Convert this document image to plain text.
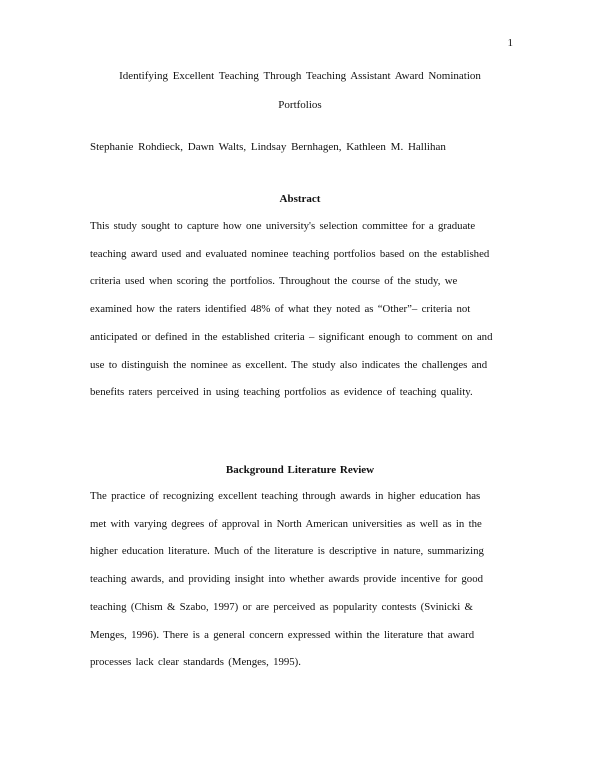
1
Identifying Excellent Teaching Through Teaching Assistant Award Nomination
Portfolios
Stephanie Rohdieck, Dawn Walts, Lindsay Bernhagen, Kathleen M. Hallihan
Abstract
This study sought to capture how one university's selection committee for a graduate
teaching award used and evaluated nominee teaching portfolios based on the established
criteria used when scoring the portfolios. Throughout the course of the study, we
examined how the raters identified 48% of what they noted as “Other”– criteria not
anticipated or defined in the established criteria – significant enough to comment on and
use to distinguish the nominee as excellent. The study also indicates the challenges and
benefits raters perceived in using teaching portfolios as evidence of teaching quality.
Background Literature Review
The practice of recognizing excellent teaching through awards in higher education has
met with varying degrees of approval in North American universities as well as in the
higher education literature. Much of the literature is descriptive in nature, summarizing
teaching awards, and providing insight into whether awards provide incentive for good
teaching (Chism & Szabo, 1997) or are perceived as popularity contests (Svinicki &
Menges, 1996). There is a general concern expressed within the literature that award
processes lack clear standards (Menges, 1995).
